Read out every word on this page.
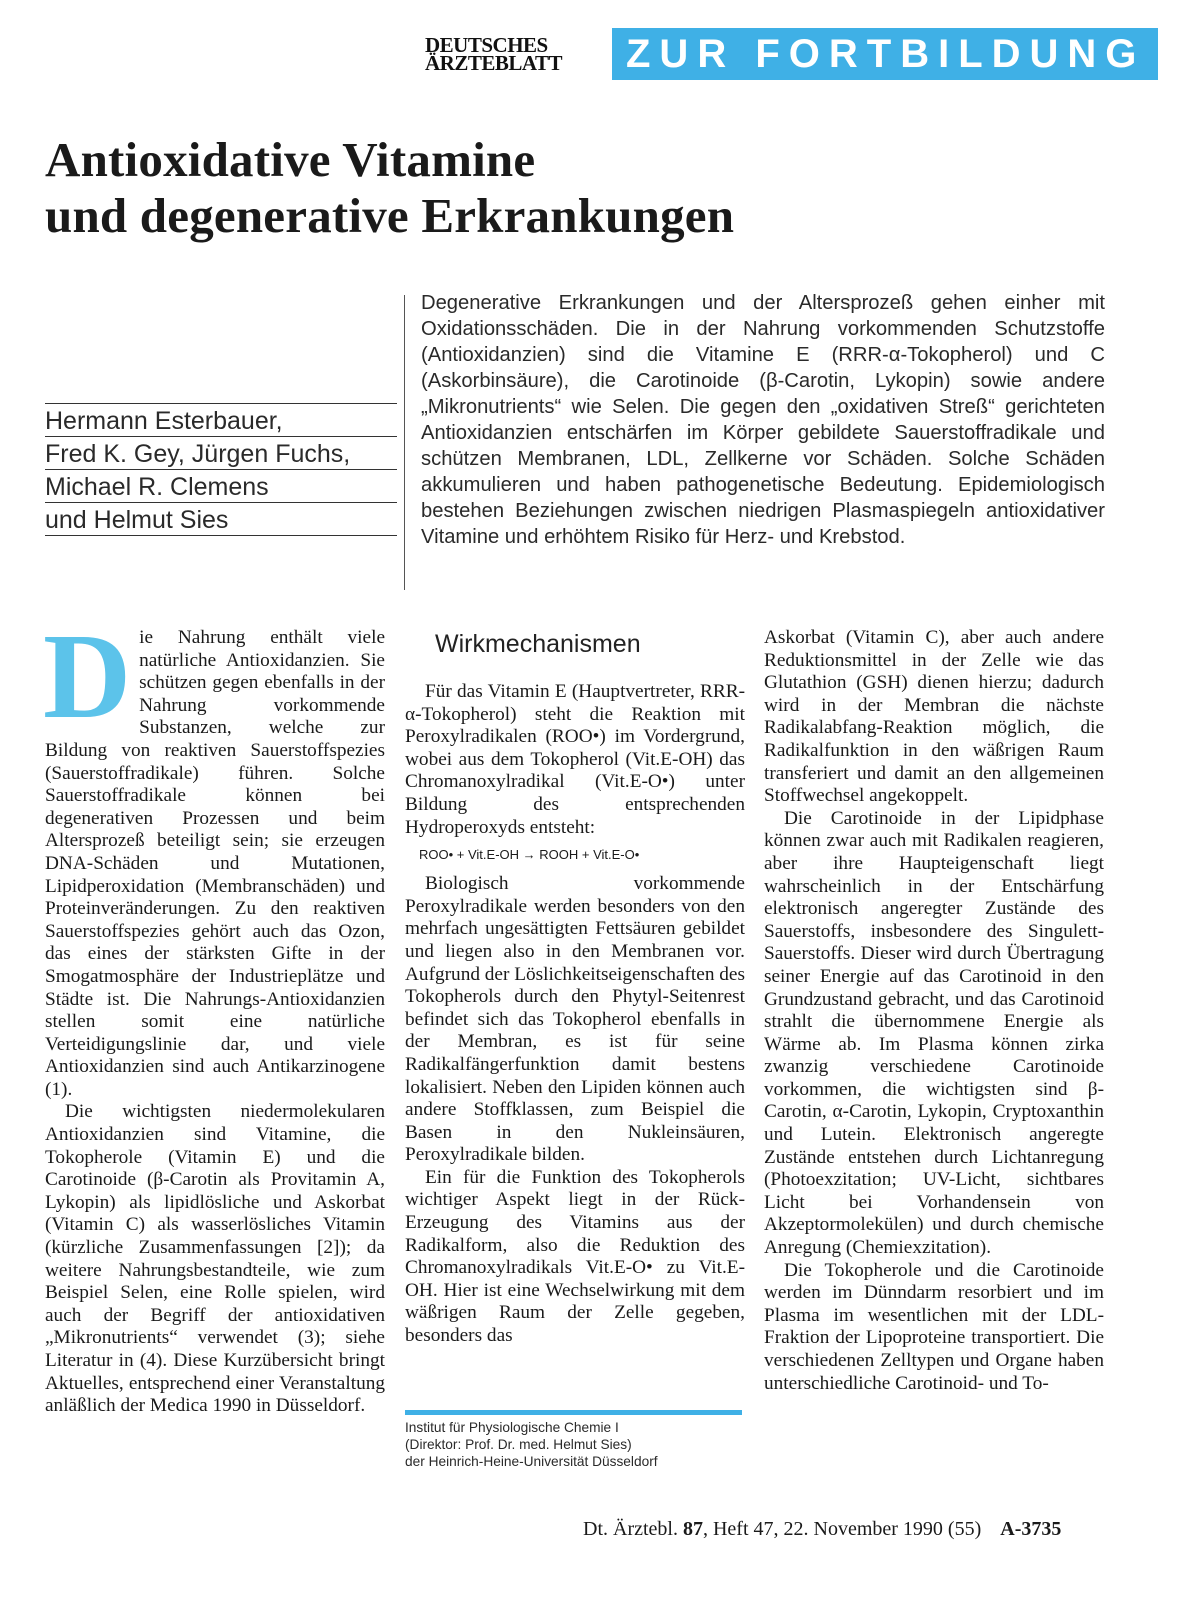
DEUTSCHES
ÄRZTEBLATT	ZUR FORTBILDUNG
Antioxidative Vitamine
und degenerative Erkrankungen
Hermann Esterbauer,
Fred K. Gey, Jürgen Fuchs,
Michael R. Clemens
und Helmut Sies
Degenerative Erkrankungen und der Altersprozeß gehen einher mit Oxidationsschäden. Die in der Nahrung vorkommenden Schutzstoffe (Antioxidanzien) sind die Vitamine E (RRR-α-Tokopherol) und C (Askorbinsäure), die Carotinoide (β-Carotin, Lykopin) sowie andere „Mikronutrients“ wie Selen. Die gegen den „oxidativen Streß“ gerichteten Antioxidanzien entschärfen im Körper gebildete Sauerstoffradikale und schützen Membranen, LDL, Zellkerne vor Schäden. Solche Schäden akkumulieren und haben pathogenetische Bedeutung. Epidemiologisch bestehen Beziehungen zwischen niedrigen Plasmaspiegeln antioxidativer Vitamine und erhöhtem Risiko für Herz- und Krebstod.
D ie Nahrung enthält viele natürliche Antioxidanzien. Sie schützen gegen ebenfalls in der Nahrung vorkommende Substanzen, welche zur Bildung von reaktiven Sauerstoffspezies (Sauerstoffradikale) führen. Solche Sauerstoffradikale können bei degenerativen Prozessen und beim Altersprozeß beteiligt sein; sie erzeugen DNA-Schäden und Mutationen, Lipidperoxidation (Membranschäden) und Proteinveränderungen. Zu den reaktiven Sauerstoffspezies gehört auch das Ozon, das eines der stärksten Gifte in der Smogatmosphäre der Industrieplätze und Städte ist. Die Nahrungs-Antioxidanzien stellen somit eine natürliche Verteidigungslinie dar, und viele Antioxidanzien sind auch Antikarzinogene (1).

Die wichtigsten niedermolekularen Antioxidanzien sind Vitamine, die Tokopherole (Vitamin E) und die Carotinoide (β-Carotin als Provitamin A, Lykopin) als lipidlösliche und Askorbat (Vitamin C) als wasserlösliches Vitamin (kürzliche Zusammenfassungen [2]); da weitere Nahrungsbestandteile, wie zum Beispiel Selen, eine Rolle spielen, wird auch der Begriff der antioxidativen „Mikronutrients“ verwendet (3); siehe Literatur in (4). Diese Kurzübersicht bringt Aktuelles, entsprechend einer Veranstaltung anläßlich der Medica 1990 in Düsseldorf.

Wirkmechanismen

Für das Vitamin E (Hauptvertreter, RRR-α-Tokopherol) steht die Reaktion mit Peroxylradikalen (ROO•) im Vordergrund, wobei aus dem Tokopherol (Vit.E-OH) das Chromanoxylradikal (Vit.E-O•) unter Bildung des entsprechenden Hydroperoxyds entsteht:

ROO• + Vit.E-OH → ROOH + Vit.E-O•

Biologisch vorkommende Peroxylradikale werden besonders von den mehrfach ungesättigten Fettsäuren gebildet und liegen also in den Membranen vor. Aufgrund der Löslichkeitseigenschaften des Tokopherols durch den Phytyl-Seitenrest befindet sich das Tokopherol ebenfalls in der Membran, es ist für seine Radikalfängerfunktion damit bestens lokalisiert. Neben den Lipiden können auch andere Stoffklassen, zum Beispiel die Basen in den Nukleinsäuren, Peroxylradikale bilden.

Ein für die Funktion des Tokopherols wichtiger Aspekt liegt in der Rück-Erzeugung des Vitamins aus der Radikalform, also die Reduktion des Chromanoxylradikals Vit.E-O• zu Vit.E-OH. Hier ist eine Wechselwirkung mit dem wäßrigen Raum der Zelle gegeben, besonders das

Askorbat (Vitamin C), aber auch andere Reduktionsmittel in der Zelle wie das Glutathion (GSH) dienen hierzu; dadurch wird in der Membran die nächste Radikalabfang-Reaktion möglich, die Radikalfunktion in den wäßrigen Raum transferiert und damit an den allgemeinen Stoffwechsel angekoppelt.

Die Carotinoide in der Lipidphase können zwar auch mit Radikalen reagieren, aber ihre Haupteigenschaft liegt wahrscheinlich in der Entschärfung elektronisch angeregter Zustände des Sauerstoffs, insbesondere des Singulett-Sauerstoffs. Dieser wird durch Übertragung seiner Energie auf das Carotinoid in den Grundzustand gebracht, und das Carotinoid strahlt die übernommene Energie als Wärme ab. Im Plasma können zirka zwanzig verschiedene Carotinoide vorkommen, die wichtigsten sind β-Carotin, α-Carotin, Lykopin, Cryptoxanthin und Lutein. Elektronisch angeregte Zustände entstehen durch Lichtanregung (Photoexzitation; UV-Licht, sichtbares Licht bei Vorhandensein von Akzeptormolekülen) und durch chemische Anregung (Chemiexzitation).

Die Tokopherole und die Carotinoide werden im Dünndarm resorbiert und im Plasma im wesentlichen mit der LDL-Fraktion der Lipoproteine transportiert. Die verschiedenen Zelltypen und Organe haben unterschiedliche Carotinoid- und To-

Institut für Physiologische Chemie I
(Direktor: Prof. Dr. med. Helmut Sies)
der Heinrich-Heine-Universität Düsseldorf
Dt. Ärztebl. 87, Heft 47, 22. November 1990 (55) A-3735
